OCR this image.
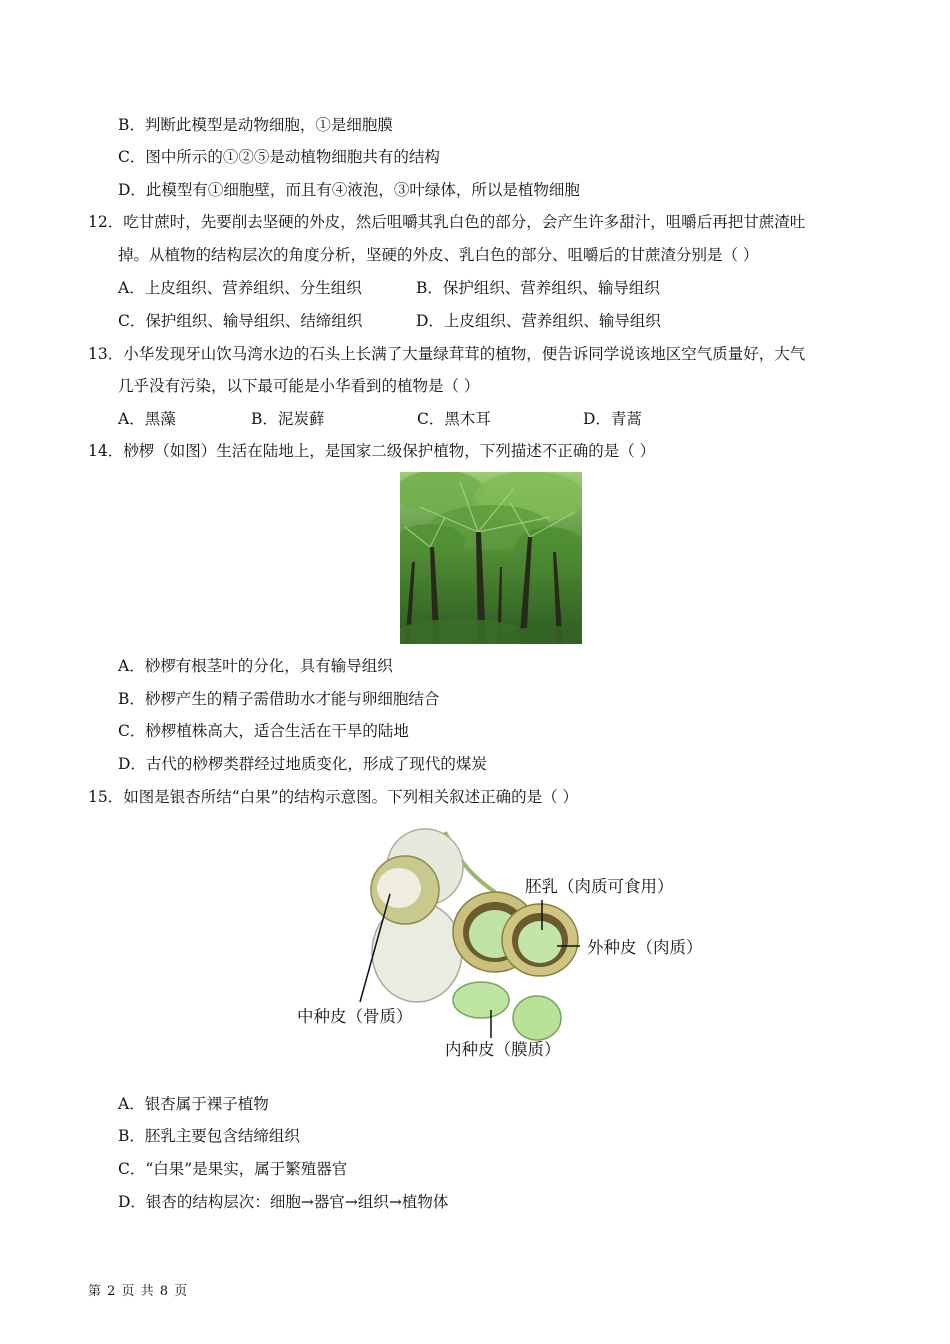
B．判断此模型是动物细胞，①是细胞膜
C．图中所示的①②⑤是动植物细胞共有的结构
D．此模型有①细胞壁，而且有④液泡，③叶绿体，所以是植物细胞
12．吃甘蔗时，先要削去坚硬的外皮，然后咀嚼其乳白色的部分，会产生许多甜汁，咀嚼后再把甘蔗渣吐
掉。从植物的结构层次的角度分析，坚硬的外皮、乳白色的部分、咀嚼后的甘蔗渣分别是（ ）
A．上皮组织、营养组织、分生组织	B．保护组织、营养组织、输导组织
C．保护组织、输导组织、结缔组织	D．上皮组织、营养组织、输导组织
13．小华发现牙山饮马湾水边的石头上长满了大量绿茸茸的植物，便告诉同学说该地区空气质量好，大气
几乎没有污染，以下最可能是小华看到的植物是（ ）
A．黑藻	B．泥炭藓	C．黑木耳	D．青蒿
14．桫椤（如图）生活在陆地上，是国家二级保护植物，下列描述不正确的是（ ）
A．桫椤有根茎叶的分化，具有输导组织
B．桫椤产生的精子需借助水才能与卵细胞结合
C．桫椤植株高大，适合生活在干旱的陆地
D．古代的桫椤类群经过地质变化，形成了现代的煤炭
15．如图是银杏所结“白果”的结构示意图。下列相关叙述正确的是（ ）
胚乳（肉质可食用）
外种皮（肉质）
中种皮（骨质）
内种皮（膜质）
A．银杏属于裸子植物
B．胚乳主要包含结缔组织
C．“白果”是果实，属于繁殖器官
D．银杏的结构层次：细胞→器官→组织→植物体
第 2 页 共 8 页
